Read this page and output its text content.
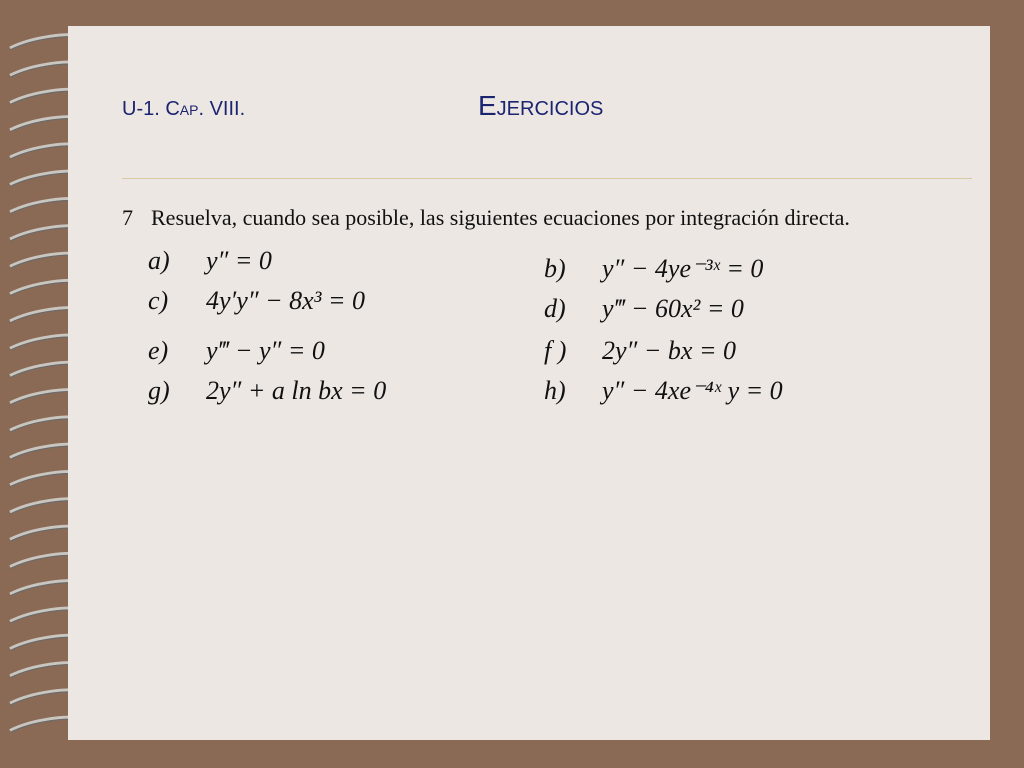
U-1. Cap. VIII.	Ejercicios
7 Resuelva, cuando sea posible, las siguientes ecuaciones por integración directa.
a) y″ = 0	b) y″ − 4ye⁻³ˣ = 0
c) 4y′y″ − 8x³ = 0	d) y‴ − 60x² = 0
e) y‴ − y″ = 0	f ) 2y″ − bx = 0
g) 2y″ + a ln bx = 0	h) y″ − 4xe⁻⁴ˣ y = 0
